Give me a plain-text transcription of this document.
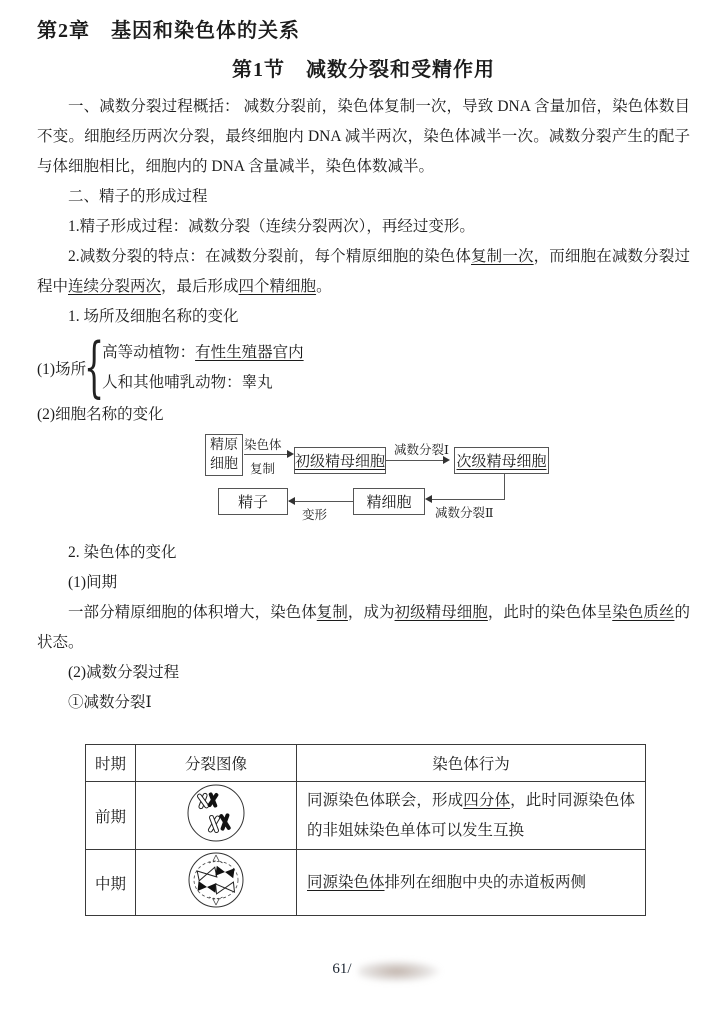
第2章　基因和染色体的关系
第1节　减数分裂和受精作用

一、减数分裂过程概括： 减数分裂前，染色体复制一次，导致 DNA 含量加倍，染色体数目不变。细胞经历两次分裂，最终细胞内 DNA 减半两次，染色体减半一次。减数分裂产生的配子与体细胞相比，细胞内的 DNA 含量减半，染色体数减半。

二、精子的形成过程

1.精子形成过程：减数分裂（连续分裂两次），再经过变形。

2.减数分裂的特点：在减数分裂前，每个精原细胞的染色体复制一次，而细胞在减数分裂过程中连续分裂两次，最后形成四个精细胞。

1. 场所及细胞名称的变化

(1)场所
{
高等动植物：有性生殖器官内
人和其他哺乳动物：睾丸

(2)细胞名称的变化

精原
细胞
染色体
复制 初级精母细胞
减数分裂Ⅰ
次级精母细胞
减数分裂Ⅱ
精细胞
变形
精子

2. 染色体的变化

(1)间期

一部分精原细胞的体积增大，染色体复制，成为初级精母细胞，此时的染色体呈染色质丝的状态。

(2)减数分裂过程

①减数分裂Ⅰ

时期	分裂图像	染色体行为
前期		同源染色体联会，形成四分体，此时同源染色体的非姐妹染色单体可以发生互换
中期		同源染色体排列在细胞中央的赤道板两侧
61/
